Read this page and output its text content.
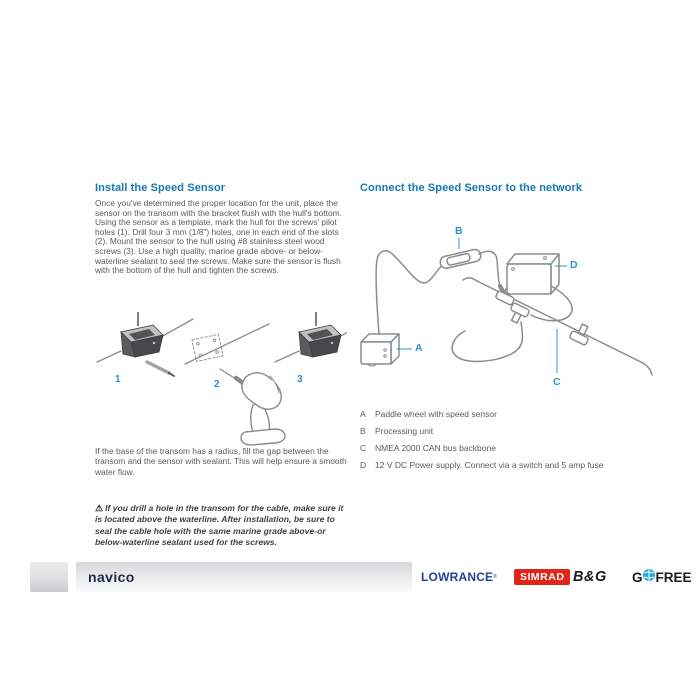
Install the Speed Sensor
Once you've determined the proper location for the unit, place the sensor on the transom with the bracket flush with the hull's bottom. Using the sensor as a template, mark the hull for the screws' pilot holes (1). Drill four 3 mm (1/8") holes, one in each end of the slots (2). Mount the sensor to the hull using #8 stainless steel wood screws (3). Use a high quality, marine grade above- or below-waterline sealant to seal the screws. Make sure the sensor is flush with the bottom of the hull and tighten the screws.
1	2	3
If the base of the transom has a radius, fill the gap between the transom and the sensor with sealant. This will help ensure a smooth water flow.
⚠ If you drill a hole in the transom for the cable, make sure it is located above the waterline. After installation, be sure to seal the cable hole with the same marine grade above-or below-waterline sealant used for the screws.
Connect the Speed Sensor to the network
A
B
C
D
A	Paddle wheel with speed sensor
B	Processing unit
C	NMEA 2000 CAN bus backbone
D	12 V DC Power supply. Connect via a switch and 5 amp fuse
navico	LOWRANCE ®	SIMRAD B&G G FREE
